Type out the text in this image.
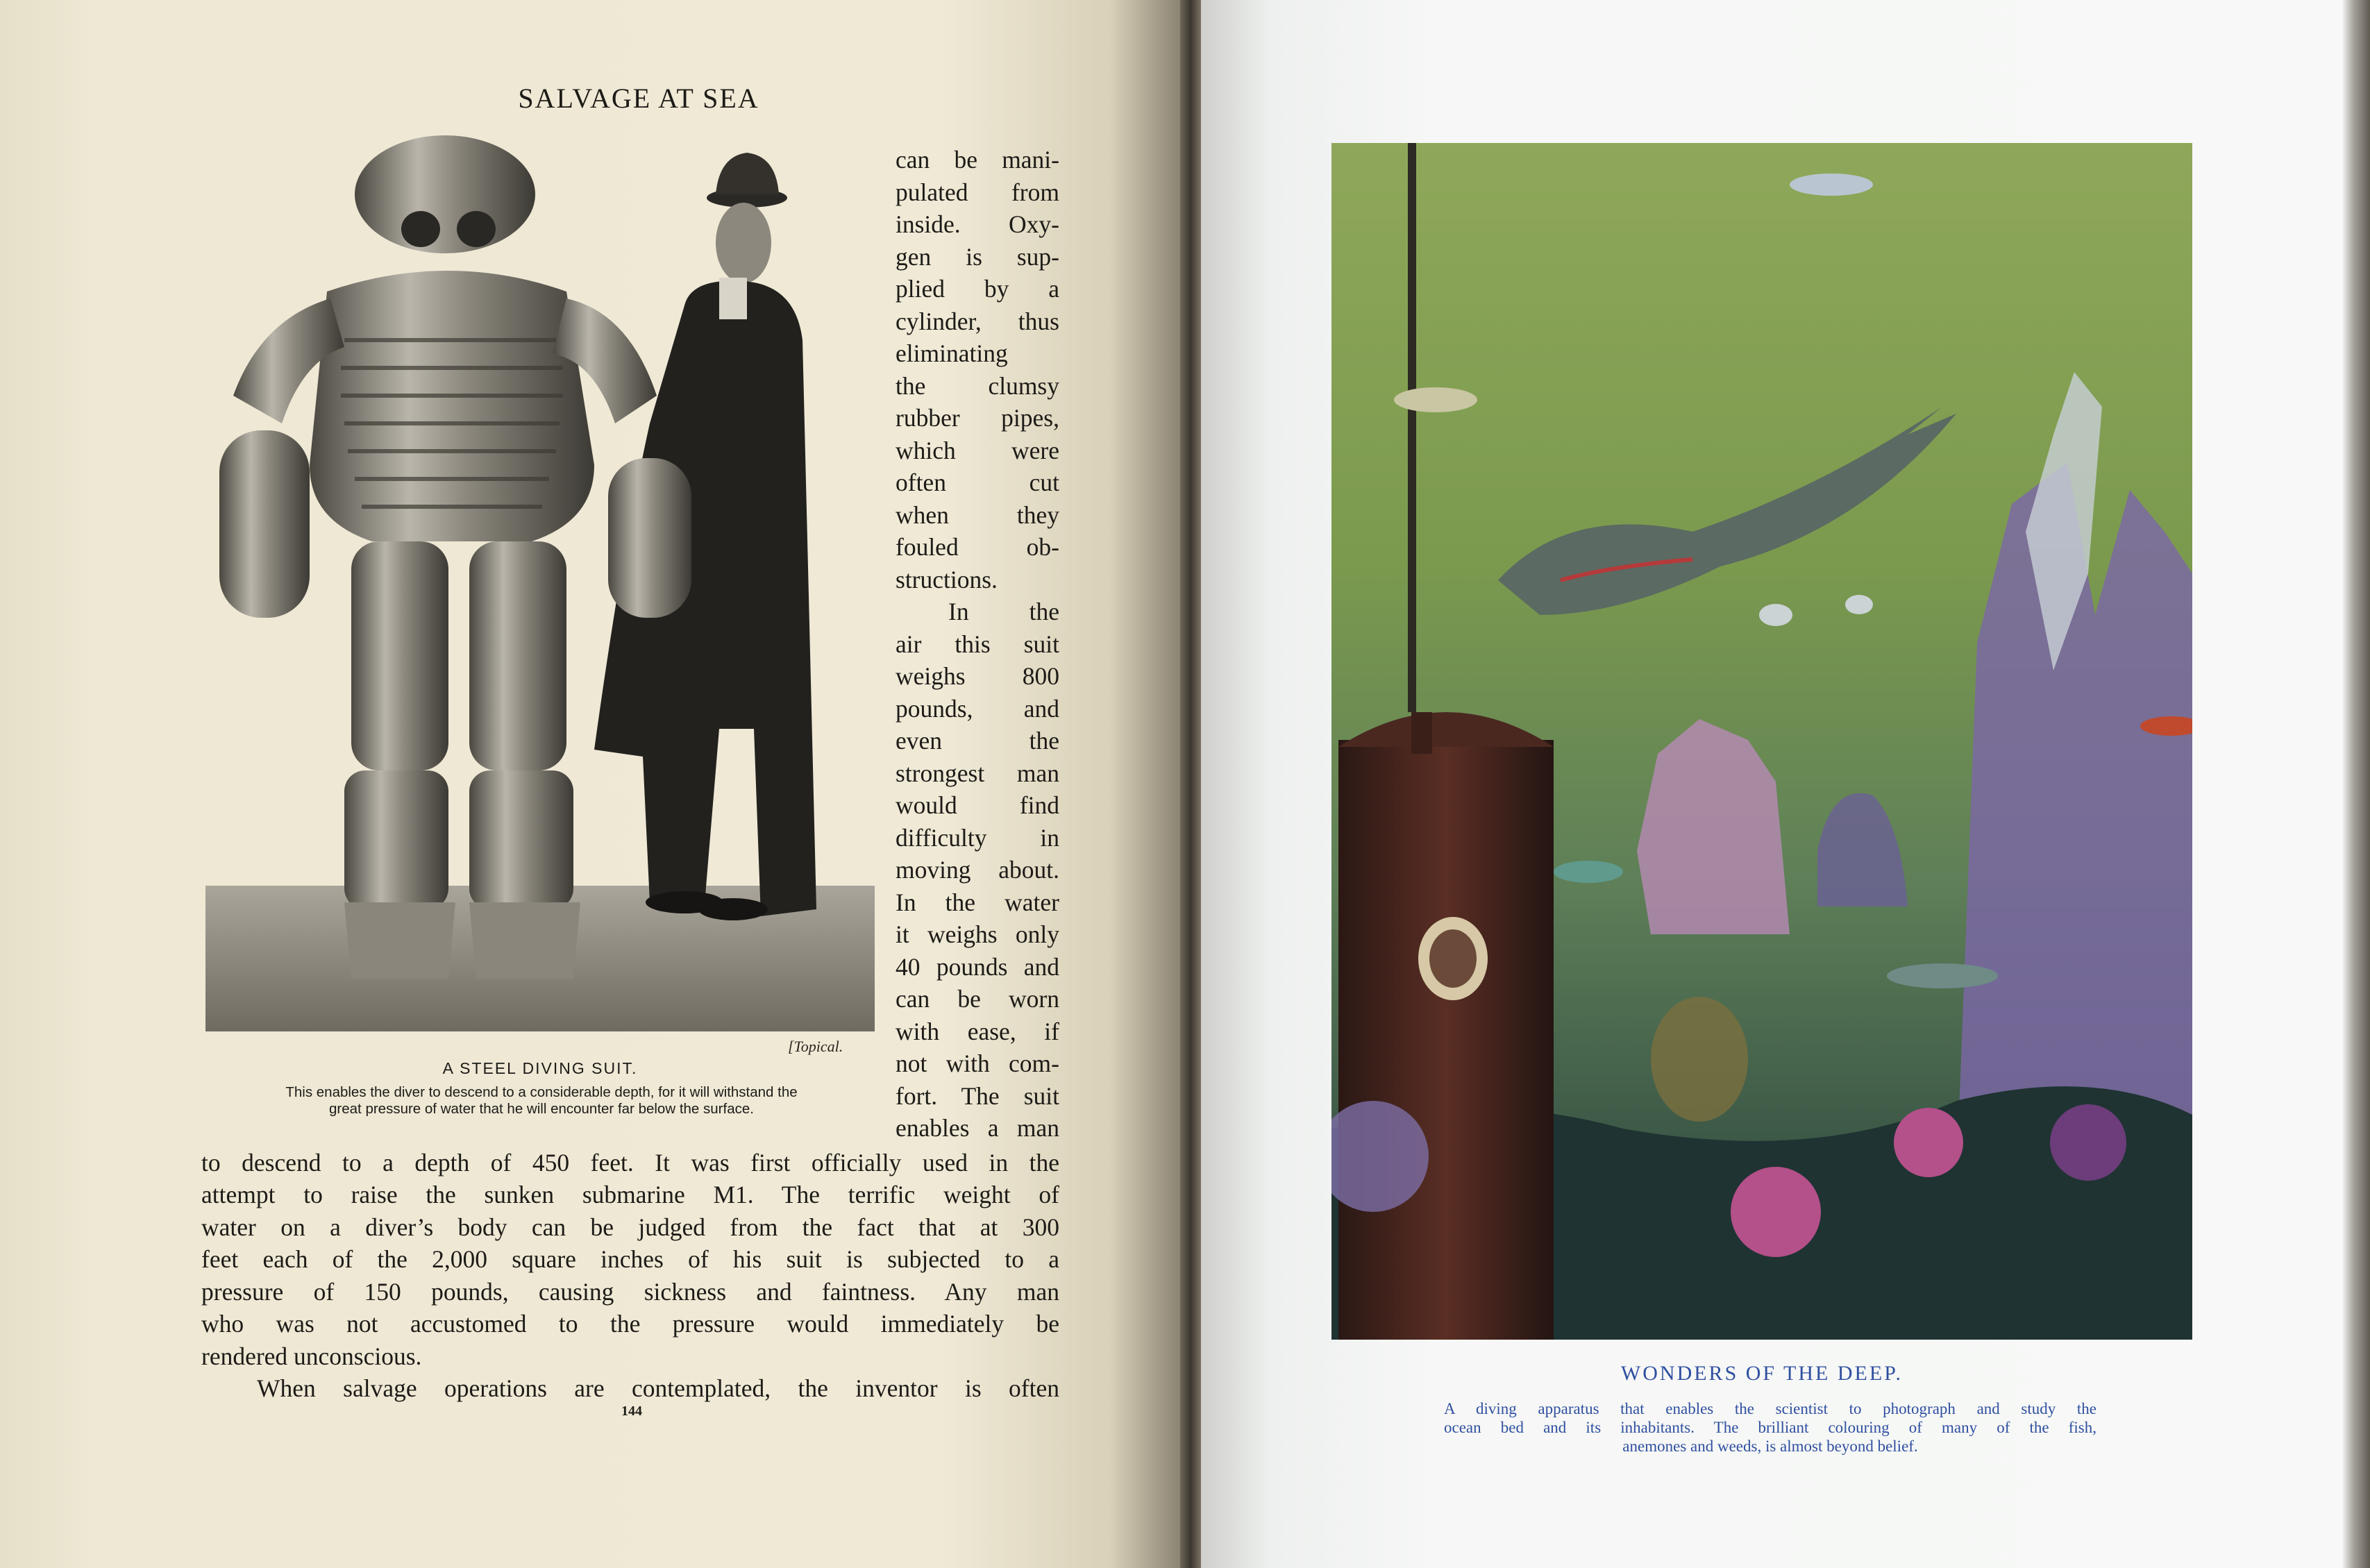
SALVAGE AT SEA
[Topical.
A STEEL DIVING SUIT.
This enables the diver to descend to a considerable depth, for it will withstand the
great pressure of water that he will encounter far below the surface.
can be mani-
pulated from
inside. Oxy-
gen is sup-
plied by a
cylinder, thus
eliminating
the clumsy
rubber pipes,
which were
often cut
when they
fouled ob-
structions.
In the
air this suit
weighs 800
pounds, and
even the
strongest man
would find
difficulty in
moving about.
In the water
it weighs only
40 pounds and
can be worn
with ease, if
not with com-
fort. The suit
enables a man
to descend to a depth of 450 feet. It was first officially used in the
attempt to raise the sunken submarine M1. The terrific weight of
water on a diver’s body can be judged from the fact that at 300
feet each of the 2,000 square inches of his suit is subjected to a
pressure of 150 pounds, causing sickness and faintness. Any man
who was not accustomed to the pressure would immediately be
rendered unconscious.
When salvage operations are contemplated, the inventor is often
144
WONDERS OF THE DEEP.
A diving apparatus that enables the scientist to photograph and study the
ocean bed and its inhabitants. The brilliant colouring of many of the fish,
anemones and weeds, is almost beyond belief.
